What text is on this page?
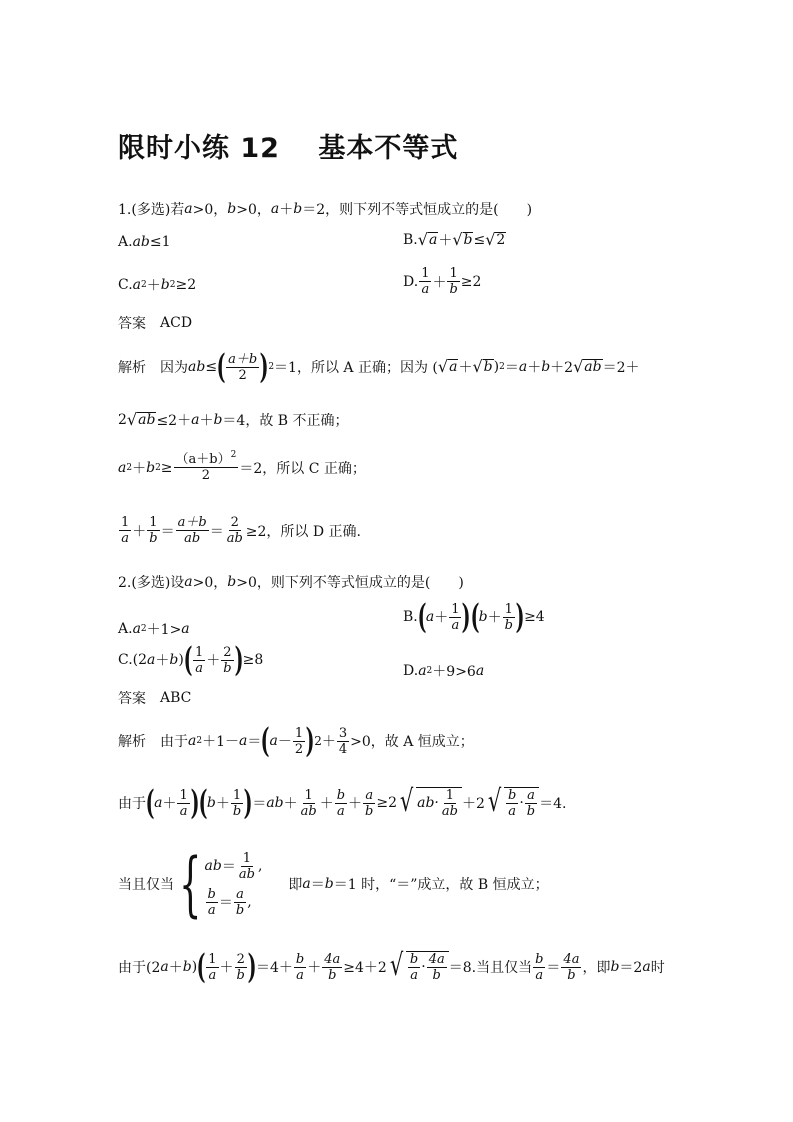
限时小练 12　 基本不等式
1.(多选)若 a >0， b >0， a ＋ b ＝2，则下列不等式恒成立的是(　　)
A. ab ≤1	B. √ a ＋ √ b ≤ √ 2
C. a 2 ＋ b 2 ≥2	D. $\frac{1}{a} + \frac{1}{b} \ge 2$
答案 ACD
解析 因为 ab ≤ ( $\frac{a+b}{2}$ ) 2 ＝1，所以 A 正确；因为 ( √ a ＋ √ b ) 2 ＝ a ＋ b ＋2 √ ab ＝2＋
2 √ ab ≤2＋ a ＋ b ＝4，故 B 不正确；
a 2 ＋ b $2 \ge \frac{(a+b)^2}{2} =2$，所以 C 正确；
$\frac{1}{a} + \frac{1}{b} = \frac{a+b}{ab} = \frac{2}{ab} \ge 2$，所以 D 正确.
2.(多选)设 a >0， b >0，则下列不等式恒成立的是(　　)
A. a 2 ＋1> a
B. ( $a + \frac{1}{a}$ ) ( $b + \frac{1}{b}$ ) ≥4
C.(2 a ＋ b ) ( $\frac{1}{a} + \frac{2}{b}$ ) ≥8
D. a 2 ＋9>6 a
答案 ABC
解析 由于 a 2 ＋1－ a ＝ ( $a - \frac{1}{2}$ ) $2 + \frac{3}{4} >0$，故 A 恒成立；
由于 ( $a + \frac{1}{a}$ ) ( $b + \frac{1}{b}$ ) ＝ ab ＋ $\frac{1}{ab} + \frac{b}{a} + \frac{a}{b} \ge 2$ √ $ab\cdot \frac{1}{ab} +2$ √ $\frac{b}{a} \cdot \frac{a}{b} =4$.
当且仅当 { ab ＝ $\frac{1}{ab}$ ,
$\frac{b}{a} = \frac{a}{b}$ ,
即 a ＝ b ＝1 时，“＝”成立，故 B 恒成立；
由于(2 a ＋ b ) ( $\frac{1}{a} + \frac{2}{b}$ ) $=4+ \frac{b}{a} + \frac{4a}{b} \ge 4+2$ √ $\frac{b}{a} \cdot \frac{4a}{b} =8$.当且仅当 $\frac{b}{a} = \frac{4a}{b}$ ，即 b ＝2 a 时
